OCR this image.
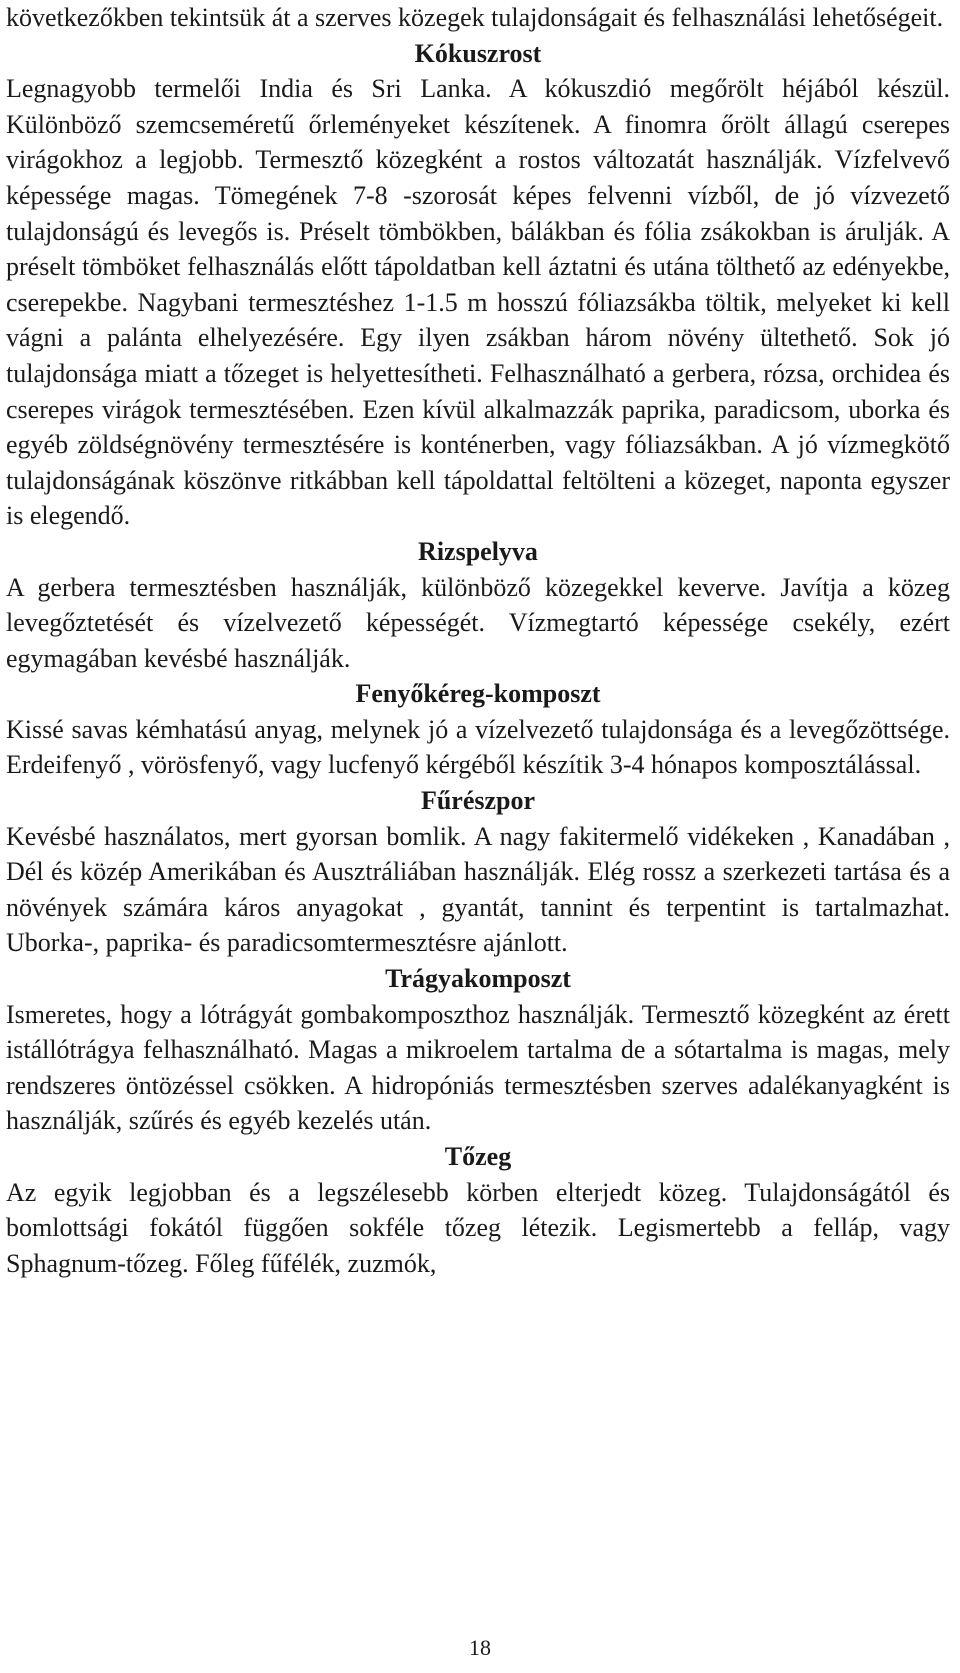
következőkben tekintsük át a szerves közegek tulajdonságait és felhasználási lehetőségeit.

Kókuszrost

Legnagyobb termelői India és Sri Lanka. A kókuszdió megőrölt héjából készül. Különböző szemcseméretű őrleményeket készítenek. A finomra őrölt állagú cserepes virágokhoz a legjobb. Termesztő közegként a rostos változatát használják. Vízfelvevő képessége magas. Tömegének 7-8 -szorosát képes felvenni vízből, de jó vízvezető tulajdonságú és levegős is. Préselt tömbökben, bálákban és fólia zsákokban is árulják. A préselt tömböket felhasználás előtt tápoldatban kell áztatni és utána tölthető az edényekbe, cserepekbe. Nagybani termesztéshez 1-1.5 m hosszú fóliazsákba töltik, melyeket ki kell vágni a palánta elhelyezésére. Egy ilyen zsákban három növény ültethető. Sok jó tulajdonsága miatt a tőzeget is helyettesítheti. Felhasználható a gerbera, rózsa, orchidea és cserepes virágok termesztésében. Ezen kívül alkalmazzák paprika, paradicsom, uborka és egyéb zöldségnövény termesztésére is konténerben, vagy fóliazsákban. A jó vízmegkötő tulajdonságának köszönve ritkábban kell tápoldattal feltölteni a közeget, naponta egyszer is elegendő.

Rizspelyva

A gerbera termesztésben használják, különböző közegekkel keverve. Javítja a közeg levegőztetését és vízelvezető képességét. Vízmegtartó képessége csekély, ezért egymagában kevésbé használják.

Fenyőkéreg-komposzt

Kissé savas kémhatású anyag, melynek jó a vízelvezető tulajdonsága és a levegőzöttsége. Erdeifenyő , vörösfenyő, vagy lucfenyő kérgéből készítik 3-4 hónapos komposztálással.

Fűrészpor

Kevésbé használatos, mert gyorsan bomlik. A nagy fakitermelő vidékeken , Kanadában , Dél és közép Amerikában és Ausztráliában használják. Elég rossz a szerkezeti tartása és a növények számára káros anyagokat , gyantát, tannint és terpentint is tartalmazhat. Uborka-, paprika- és paradicsomtermesztésre ajánlott.

Trágyakomposzt

Ismeretes, hogy a lótrágyát gombakomposzthoz használják. Termesztő közegként az érett istállótrágya felhasználható. Magas a mikroelem tartalma de a sótartalma is magas, mely rendszeres öntözéssel csökken. A hidropóniás termesztésben szerves adalékanyagként is használják, szűrés és egyéb kezelés után.

Tőzeg

Az egyik legjobban és a legszélesebb körben elterjedt közeg. Tulajdonságától és bomlottsági fokától függően sokféle tőzeg létezik. Legismertebb a felláp, vagy Sphagnum-tőzeg. Főleg fűfélék, zuzmók,

18
